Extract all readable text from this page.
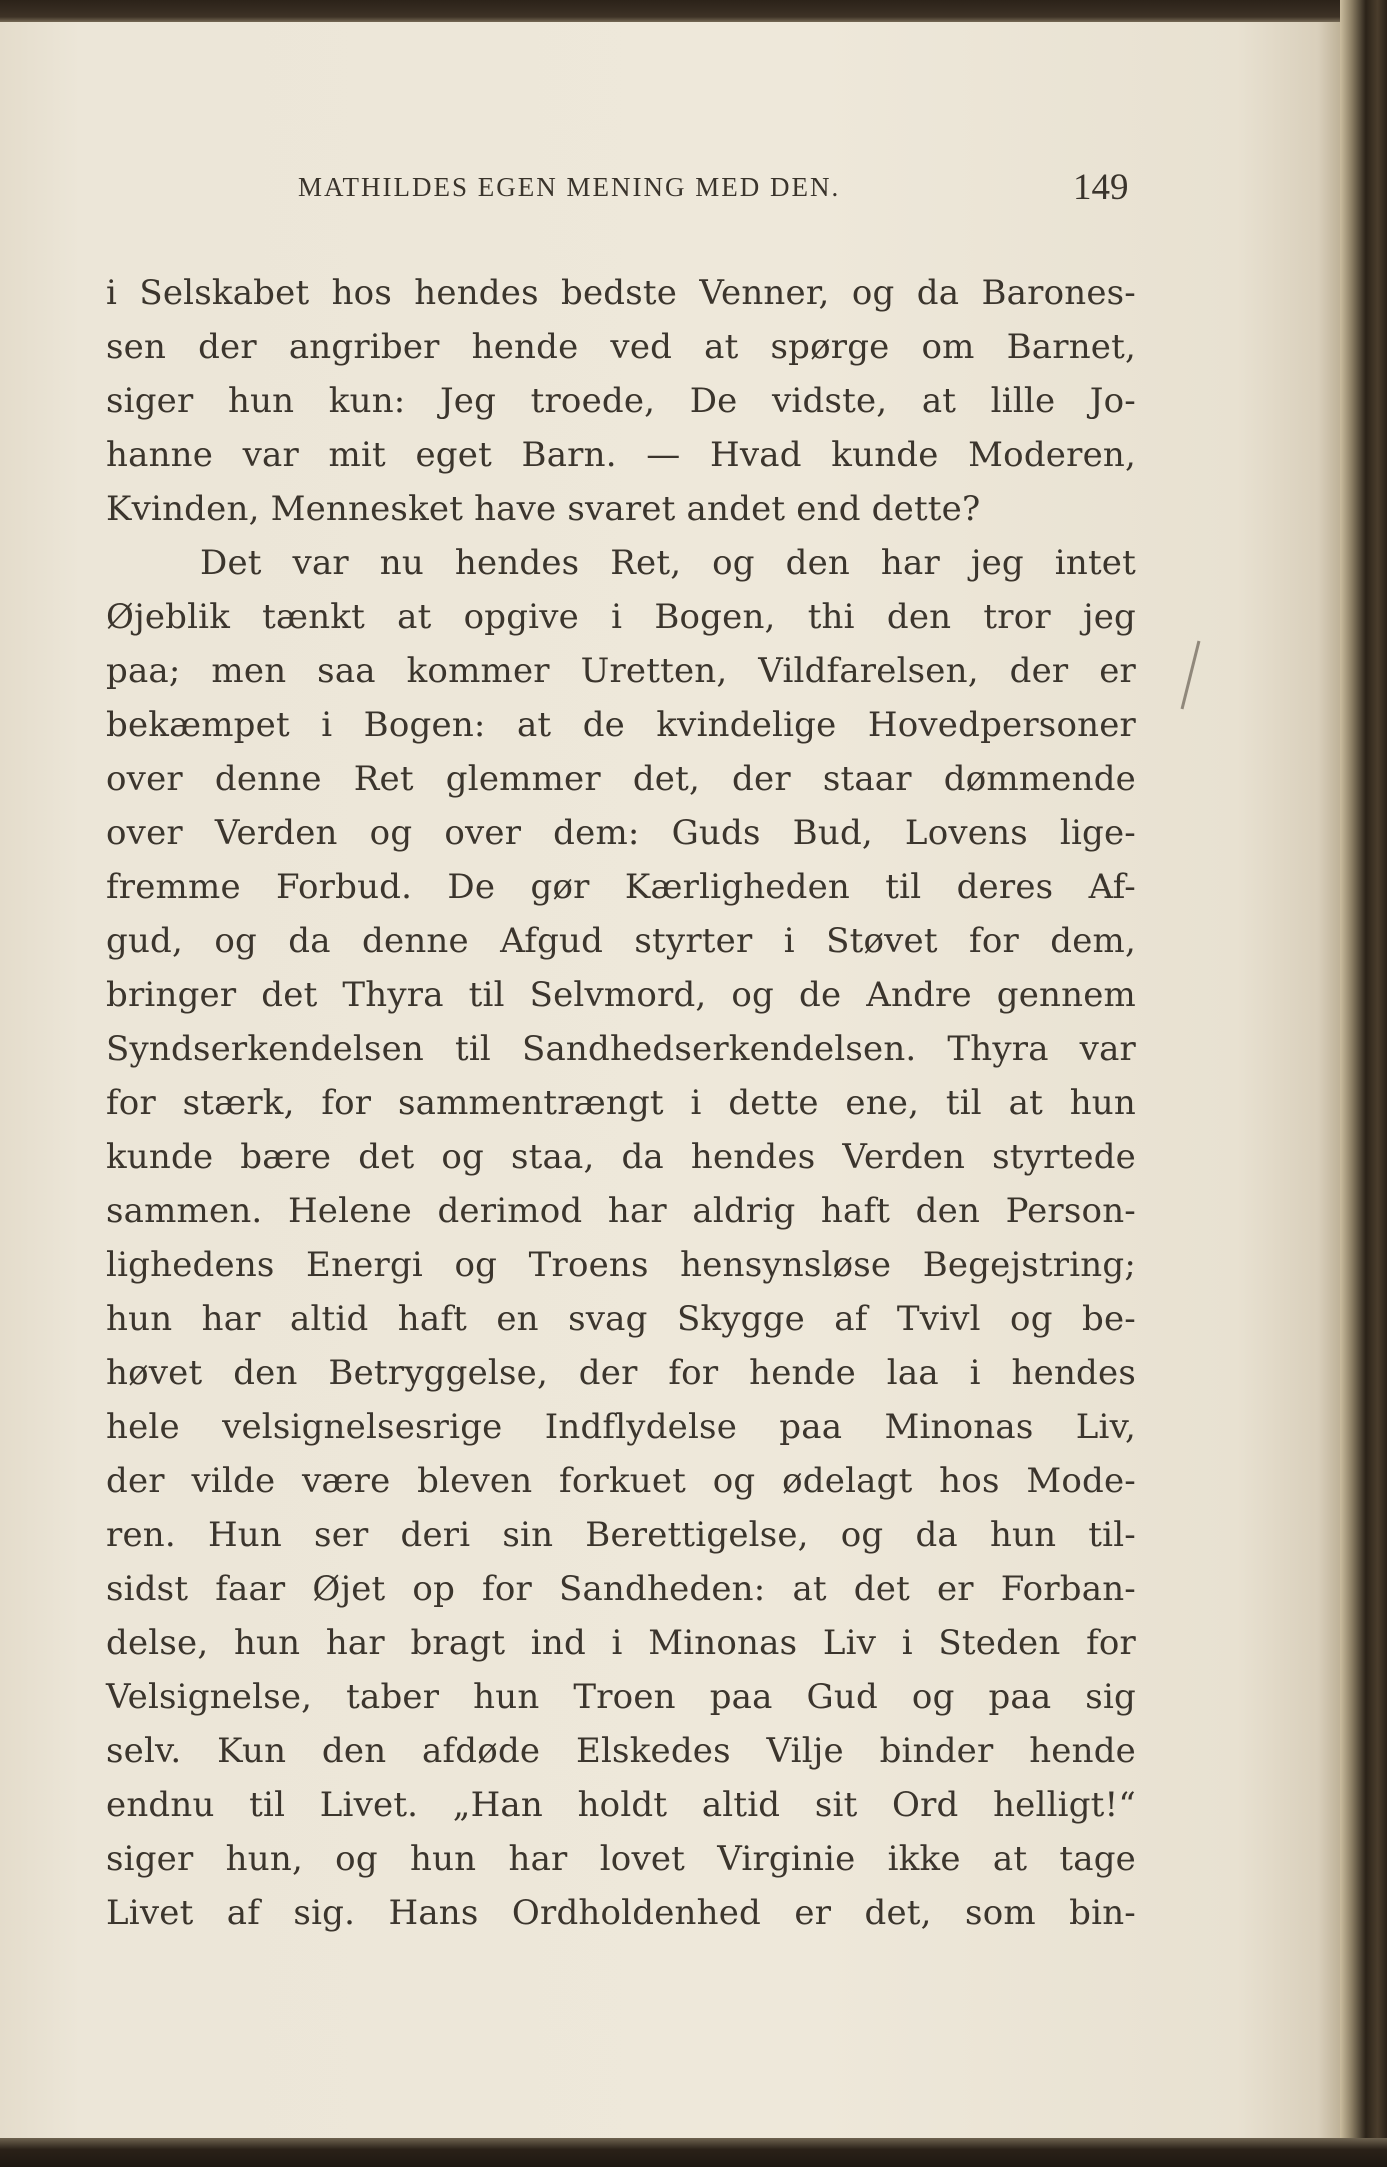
MATHILDES EGEN MENING MED DEN.	149
i Selskabet hos hendes bedste Venner, og da Barones-
sen der angriber hende ved at spørge om Barnet,
siger hun kun: Jeg troede, De vidste, at lille Jo-
hanne var mit eget Barn. — Hvad kunde Moderen,
Kvinden, Mennesket have svaret andet end dette?
Det var nu hendes Ret, og den har jeg intet
Øjeblik tænkt at opgive i Bogen, thi den tror jeg
paa; men saa kommer Uretten, Vildfarelsen, der er
bekæmpet i Bogen: at de kvindelige Hovedpersoner
over denne Ret glemmer det, der staar dømmende
over Verden og over dem: Guds Bud, Lovens lige-
fremme Forbud. De gør Kærligheden til deres Af-
gud, og da denne Afgud styrter i Støvet for dem,
bringer det Thyra til Selvmord, og de Andre gennem
Syndserkendelsen til Sandhedserkendelsen. Thyra var
for stærk, for sammentrængt i dette ene, til at hun
kunde bære det og staa, da hendes Verden styrtede
sammen. Helene derimod har aldrig haft den Person-
lighedens Energi og Troens hensynsløse Begejstring;
hun har altid haft en svag Skygge af Tvivl og be-
høvet den Betryggelse, der for hende laa i hendes
hele velsignelsesrige Indflydelse paa Minonas Liv,
der vilde være bleven forkuet og ødelagt hos Mode-
ren. Hun ser deri sin Berettigelse, og da hun til-
sidst faar Øjet op for Sandheden: at det er Forban-
delse, hun har bragt ind i Minonas Liv i Steden for
Velsignelse, taber hun Troen paa Gud og paa sig
selv. Kun den afdøde Elskedes Vilje binder hende
endnu til Livet. „Han holdt altid sit Ord helligt!“
siger hun, og hun har lovet Virginie ikke at tage
Livet af sig. Hans Ordholdenhed er det, som bin-
